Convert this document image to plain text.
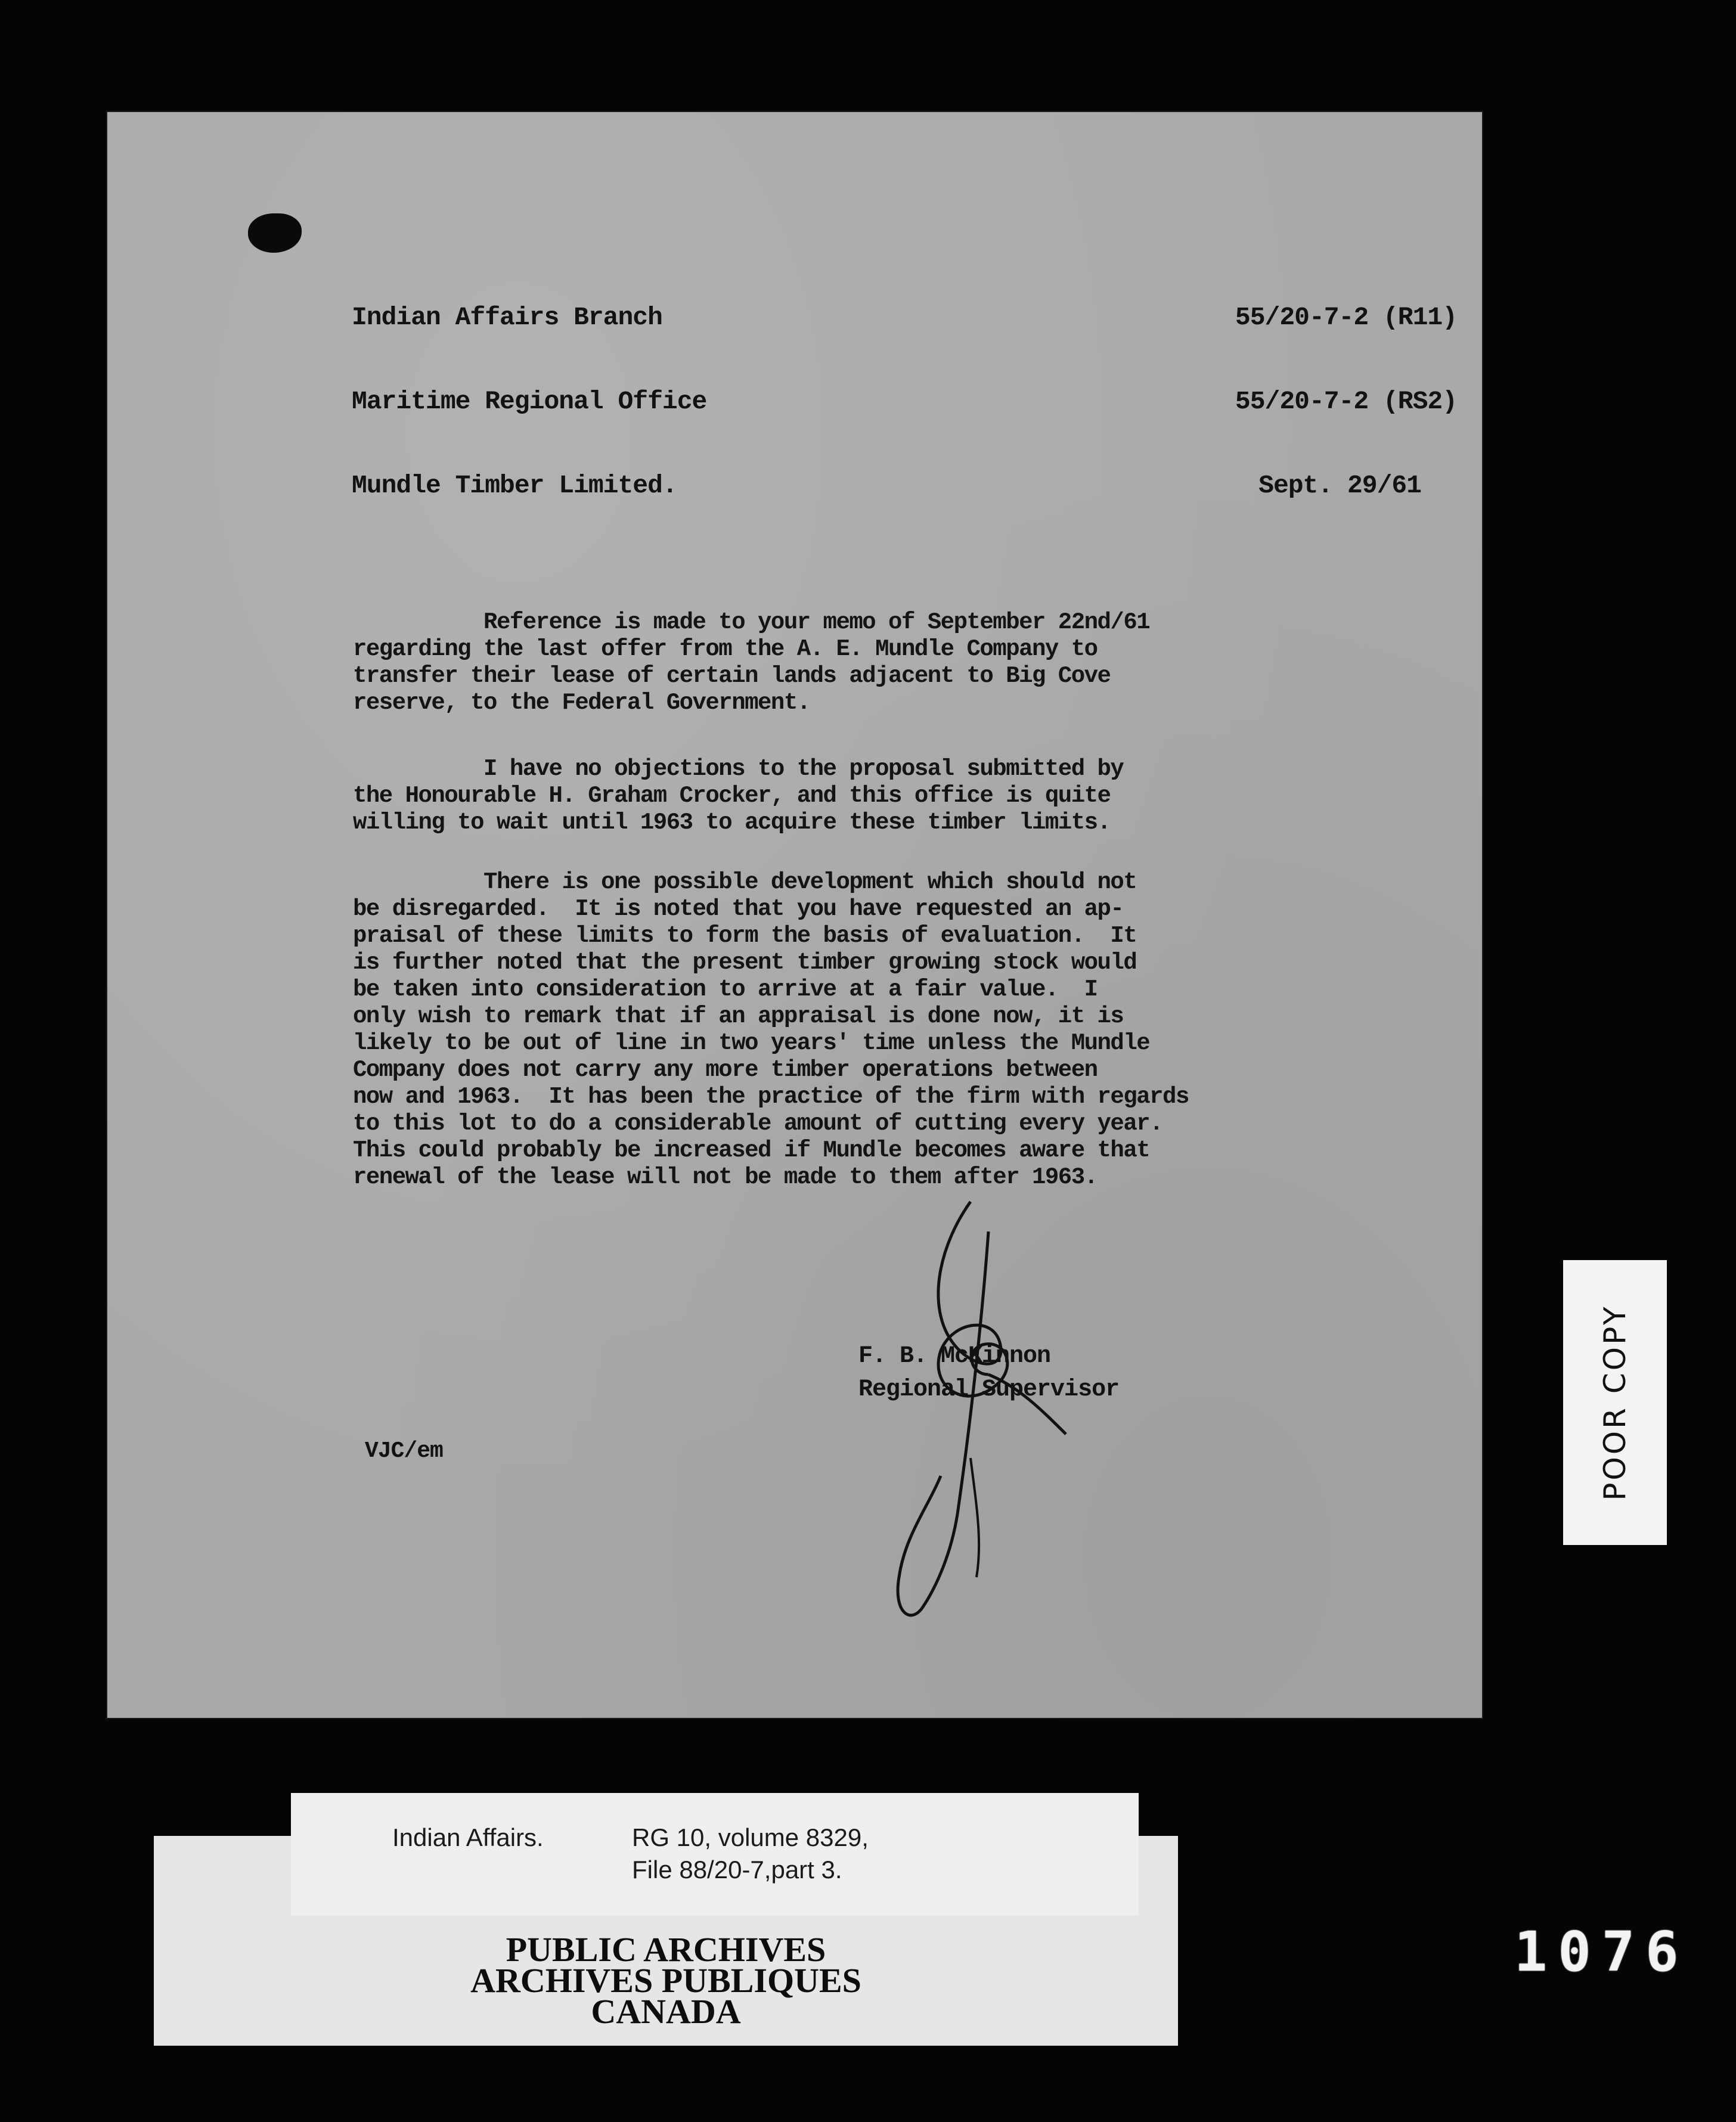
Indian Affairs Branch	55/20-7-2 (R11)
Maritime Regional Office	55/20-7-2 (RS2)
Mundle Timber Limited.	Sept. 29/61
Reference is made to your memo of September 22nd/61
regarding the last offer from the A. E. Mundle Company to
transfer their lease of certain lands adjacent to Big Cove
reserve, to the Federal Government.
I have no objections to the proposal submitted by
the Honourable H. Graham Crocker, and this office is quite
willing to wait until 1963 to acquire these timber limits.
There is one possible development which should not
be disregarded.  It is noted that you have requested an ap-
praisal of these limits to form the basis of evaluation.  It
is further noted that the present timber growing stock would
be taken into consideration to arrive at a fair value.  I
only wish to remark that if an appraisal is done now, it is
likely to be out of line in two years' time unless the Mundle
Company does not carry any more timber operations between
now and 1963.  It has been the practice of the firm with regards
to this lot to do a considerable amount of cutting every year.
This could probably be increased if Mundle becomes aware that
renewal of the lease will not be made to them after 1963.
F. B. McKinnon
Regional Supervisor
VJC/em	POOR COPY
Indian Affairs.	RG 10, volume 8329,
File 88/20-7,part 3.
PUBLIC ARCHIVES
ARCHIVES PUBLIQUES
CANADA
1076
